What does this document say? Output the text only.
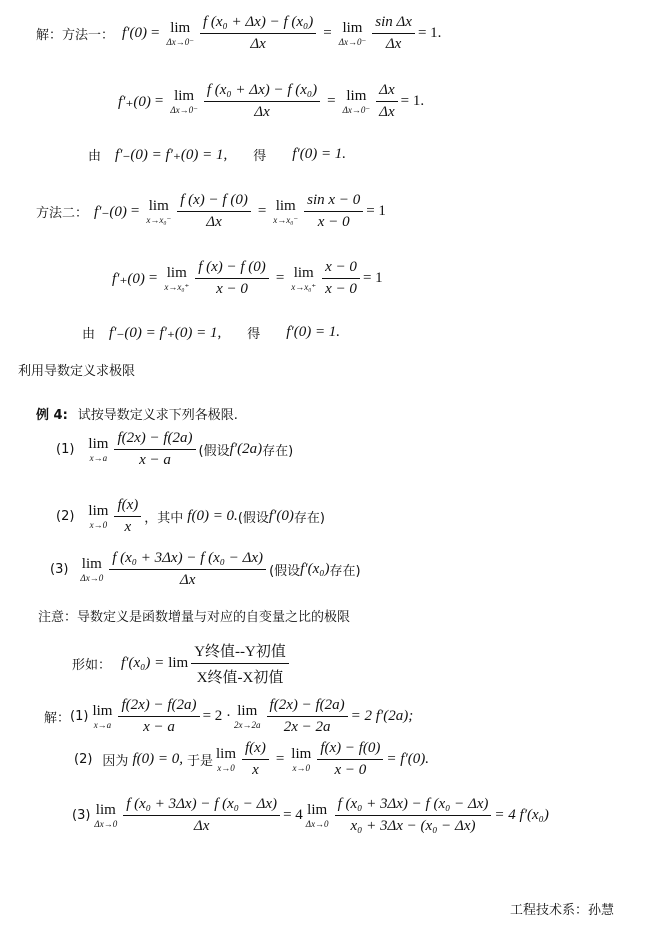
解：方法一： f′(0) = lim
$\Delta x\to 0^- \frac{\text{f (x₀ + Δx) − f (x₀)}}{\Delta x} = \lim$
$\Delta x\to 0^- \frac{\text{sin Δx}}{\Delta x} = 1$.
f′₊(0) = lim
$\Delta x\to 0^- \frac{\text{f (x₀ + Δx) − f (x₀)}}{\Delta x} = \lim$
$\Delta x\to 0^- \frac{\Delta x}{\Delta x} = 1$.
由 f′₋(0) = f′₊(0) = 1, 得 f′(0) = 1.
方法二： f′₋(0) = lim
$x\to x_0^- \frac{f (x) - f (0)}{\Delta x} = \lim$
$x\to x_0^- \frac{\text{sin x − 0}}{x - 0} = 1$
f′₊(0) = lim
$x\to x_0^+ \frac{f (x) - f (0)}{x - 0} = \lim$
$x\to x_0^+ \frac{x - 0}{x - 0} = 1$
由 f′₋(0) = f′₊(0) = 1, 得 f′(0) = 1.
利用导数定义求极限
例 4: 试按导数定义求下列各极限.
(1) lim
$x\to a \frac{f(2x) - f(2a)}{x - a}$ (假设 f′(2a) 存在)
(2) lim
$x\to 0 \frac{f(x)}{x}$ ，其中 f(0) = 0. (假设 f′(0) 存在)
(3) lim
$\Delta x\to 0 \frac{\text{f (x₀ + 3Δx) − f (x₀ − Δx)}}{\Delta x}$ (假设 f′(x₀) 存在)
注意：导数定义是函数增量与对应的自变量之比的极限
形如： $f'(x_0) = \lim \frac{\text{Y终值--Y初值}}{\text{X终值-X初值}}$
解： (1) lim
$x\to a \frac{f(2x) - f(2a)}{x - a} = 2 \cdot \lim$
$2x\to 2a \frac{f(2x) - f(2a)}{2x - 2a} = 2$ f′(2a);
(2) 因为 f(0) = 0, 于是 lim
$x\to 0 \frac{f(x)}{x} = \lim$
$x\to 0 \frac{f(x) - f(0)}{x - 0} = f'(0)$.
(3) lim
$\Delta x\to 0 \frac{\text{f (x₀ + 3Δx) − f (x₀ − Δx)}}{\Delta x} = 4$ lim
$\Delta x\to 0 \frac{\text{f (x₀ + 3Δx) − f (x₀ − Δx)}}{\text{x₀ + 3Δx − (x₀ − Δx)}} = 4$ f′(x₀)
工程技术系：孙慧
